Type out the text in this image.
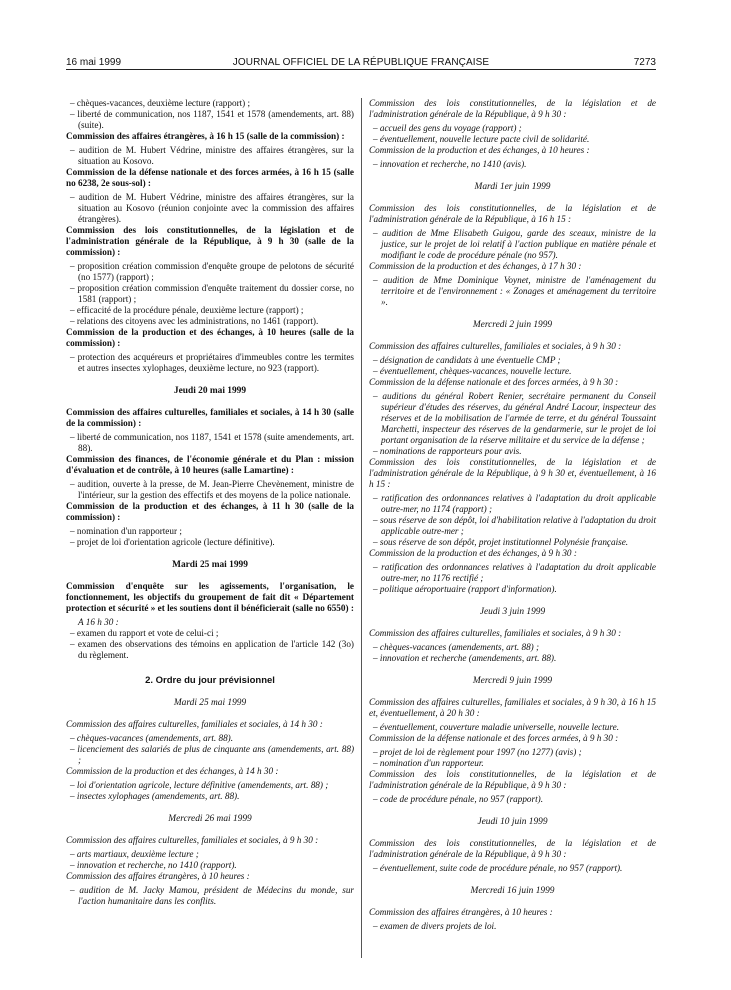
16 mai 1999	JOURNAL OFFICIEL DE LA RÉPUBLIQUE FRANÇAISE	7273

– chèques-vacances, deuxième lecture (rapport) ;

– liberté de communication, nos 1187, 1541 et 1578 (amendements, art. 88) (suite).

Commission des affaires étrangères, à 16 h 15 (salle de la commission) :

– audition de M. Hubert Védrine, ministre des affaires étrangères, sur la situation au Kosovo.

Commission de la défense nationale et des forces armées, à 16 h 15 (salle no 6238, 2e sous-sol) :

– audition de M. Hubert Védrine, ministre des affaires étrangères, sur la situation au Kosovo (réunion conjointe avec la commission des affaires étrangères).

Commission des lois constitutionnelles, de la législation et de l'administration générale de la République, à 9 h 30 (salle de la commission) :

– proposition création commission d'enquête groupe de pelotons de sécurité (no 1577) (rapport) ;

– proposition création commission d'enquête traitement du dossier corse, no 1581 (rapport) ;

– efficacité de la procédure pénale, deuxième lecture (rapport) ;

– relations des citoyens avec les administrations, no 1461 (rapport).

Commission de la production et des échanges, à 10 heures (salle de la commission) :

– protection des acquéreurs et propriétaires d'immeubles contre les termites et autres insectes xylophages, deuxième lecture, no 923 (rapport).

Jeudi 20 mai 1999

Commission des affaires culturelles, familiales et sociales, à 14 h 30 (salle de la commission) :

– liberté de communication, nos 1187, 1541 et 1578 (suite amendements, art. 88).

Commission des finances, de l'économie générale et du Plan : mission d'évaluation et de contrôle, à 10 heures (salle Lamartine) :

– audition, ouverte à la presse, de M. Jean-Pierre Chevènement, ministre de l'intérieur, sur la gestion des effectifs et des moyens de la police nationale.

Commission de la production et des échanges, à 11 h 30 (salle de la commission) :

– nomination d'un rapporteur ;

– projet de loi d'orientation agricole (lecture définitive).

Mardi 25 mai 1999

Commission d'enquête sur les agissements, l'organisation, le fonctionnement, les objectifs du groupement de fait dit « Département protection et sécurité » et les soutiens dont il bénéficierait (salle no 6550) :

A 16 h 30 :

– examen du rapport et vote de celui-ci ;

– examen des observations des témoins en application de l'article 142 (3o) du règlement.

2. Ordre du jour prévisionnel
Mardi 25 mai 1999

Commission des affaires culturelles, familiales et sociales, à 14 h 30 :

– chèques-vacances (amendements, art. 88).

– licenciement des salariés de plus de cinquante ans (amendements, art. 88) ;

Commission de la production et des échanges, à 14 h 30 :

– loi d'orientation agricole, lecture définitive (amendements, art. 88) ;

– insectes xylophages (amendements, art. 88).

Mercredi 26 mai 1999

Commission des affaires culturelles, familiales et sociales, à 9 h 30 :

– arts martiaux, deuxième lecture ;

– innovation et recherche, no 1410 (rapport).

Commission des affaires étrangères, à 10 heures :

– audition de M. Jacky Mamou, président de Médecins du monde, sur l'action humanitaire dans les conflits.

Commission des lois constitutionnelles, de la législation et de l'administration générale de la République, à 9 h 30 :

– accueil des gens du voyage (rapport) ;

– éventuellement, nouvelle lecture pacte civil de solidarité.

Commission de la production et des échanges, à 10 heures :

– innovation et recherche, no 1410 (avis).

Mardi 1er juin 1999

Commission des lois constitutionnelles, de la législation et de l'administration générale de la République, à 16 h 15 :

– audition de Mme Elisabeth Guigou, garde des sceaux, ministre de la justice, sur le projet de loi relatif à l'action publique en matière pénale et modifiant le code de procédure pénale (no 957).

Commission de la production et des échanges, à 17 h 30 :

– audition de Mme Dominique Voynet, ministre de l'aménagement du territoire et de l'environnement : « Zonages et aménagement du territoire ».

Mercredi 2 juin 1999

Commission des affaires culturelles, familiales et sociales, à 9 h 30 :

– désignation de candidats à une éventuelle CMP ;

– éventuellement, chèques-vacances, nouvelle lecture.

Commission de la défense nationale et des forces armées, à 9 h 30 :

– auditions du général Robert Renier, secrétaire permanent du Conseil supérieur d'études des réserves, du général André Lacour, inspecteur des réserves et de la mobilisation de l'armée de terre, et du général Toussaint Marchetti, inspecteur des réserves de la gendarmerie, sur le projet de loi portant organisation de la réserve militaire et du service de la défense ;

– nominations de rapporteurs pour avis.

Commission des lois constitutionnelles, de la législation et de l'administration générale de la République, à 9 h 30 et, éventuellement, à 16 h 15 :

– ratification des ordonnances relatives à l'adaptation du droit applicable outre-mer, no 1174 (rapport) ;

– sous réserve de son dépôt, loi d'habilitation relative à l'adaptation du droit applicable outre-mer ;

– sous réserve de son dépôt, projet institutionnel Polynésie française.

Commission de la production et des échanges, à 9 h 30 :

– ratification des ordonnances relatives à l'adaptation du droit applicable outre-mer, no 1176 rectifié ;

– politique aéroportuaire (rapport d'information).

Jeudi 3 juin 1999

Commission des affaires culturelles, familiales et sociales, à 9 h 30 :

– chèques-vacances (amendements, art. 88) ;

– innovation et recherche (amendements, art. 88).

Mercredi 9 juin 1999

Commission des affaires culturelles, familiales et sociales, à 9 h 30, à 16 h 15 et, éventuellement, à 20 h 30 :

– éventuellement, couverture maladie universelle, nouvelle lecture.

Commission de la défense nationale et des forces armées, à 9 h 30 :

– projet de loi de règlement pour 1997 (no 1277) (avis) ;

– nomination d'un rapporteur.

Commission des lois constitutionnelles, de la législation et de l'administration générale de la République, à 9 h 30 :

– code de procédure pénale, no 957 (rapport).

Jeudi 10 juin 1999

Commission des lois constitutionnelles, de la législation et de l'administration générale de la République, à 9 h 30 :

– éventuellement, suite code de procédure pénale, no 957 (rapport).

Mercredi 16 juin 1999

Commission des affaires étrangères, à 10 heures :

– examen de divers projets de loi.
